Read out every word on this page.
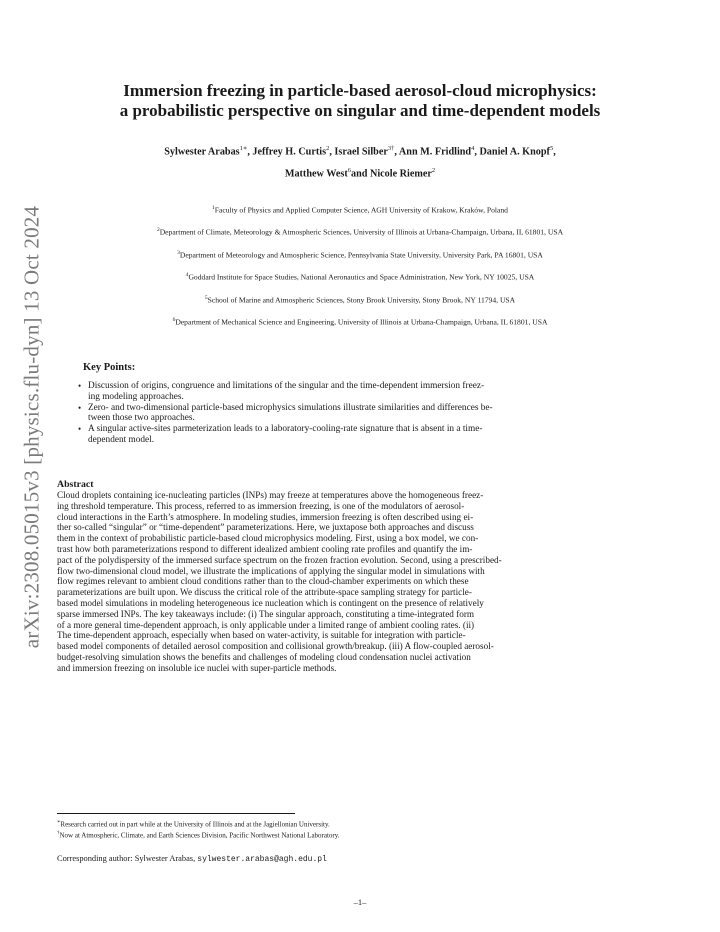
arXiv:2308.05015v3 [physics.flu-dyn] 13 Oct 2024
Immersion freezing in particle-based aerosol-cloud microphysics:
a probabilistic perspective on singular and time-dependent models
Sylwester Arabas$^{1∗}$, Jeffrey H. Curtis$^2$, Israel Silber$^{3\dagger}$, Ann M. Fridlind$^4$, Daniel A. Knopf$^5$,
Matthew West$^6$and Nicole Riemer$^2$
$^1$Faculty of Physics and Applied Computer Science, AGH University of Krakow, Kraków, Poland
$^2$Department of Climate, Meteorology & Atmospheric Sciences, University of Illinois at Urbana-Champaign, Urbana, IL 61801, USA
$^3$Department of Meteorology and Atmospheric Science, Pennsylvania State University, University Park, PA 16801, USA
$^4$Goddard Institute for Space Studies, National Aeronautics and Space Administration, New York, NY 10025, USA
$^5$School of Marine and Atmospheric Sciences, Stony Brook University, Stony Brook, NY 11794, USA
$^6$Department of Mechanical Science and Engineering, University of Illinois at Urbana-Champaign, Urbana, IL 61801, USA
Key Points:
• Discussion of origins, congruence and limitations of the singular and the time-dependent immersion freez-
ing modeling approaches.
• Zero- and two-dimensional particle-based microphysics simulations illustrate similarities and differences be-
tween those two approaches.
• A singular active-sites parmeterization leads to a laboratory-cooling-rate signature that is absent in a time-
dependent model.
Abstract
Cloud droplets containing ice-nucleating particles (INPs) may freeze at temperatures above the homogeneous freez-
ing threshold temperature. This process, referred to as immersion freezing, is one of the modulators of aerosol-
cloud interactions in the Earth’s atmosphere. In modeling studies, immersion freezing is often described using ei-
ther so-called “singular” or “time-dependent” parameterizations. Here, we juxtapose both approaches and discuss
them in the context of probabilistic particle-based cloud microphysics modeling. First, using a box model, we con-
trast how both parameterizations respond to different idealized ambient cooling rate profiles and quantify the im-
pact of the polydispersity of the immersed surface spectrum on the frozen fraction evolution. Second, using a prescribed-
flow two-dimensional cloud model, we illustrate the implications of applying the singular model in simulations with
flow regimes relevant to ambient cloud conditions rather than to the cloud-chamber experiments on which these
parameterizations are built upon. We discuss the critical role of the attribute-space sampling strategy for particle-
based model simulations in modeling heterogeneous ice nucleation which is contingent on the presence of relatively
sparse immersed INPs. The key takeaways include: (i) The singular approach, constituting a time-integrated form
of a more general time-dependent approach, is only applicable under a limited range of ambient cooling rates. (ii)
The time-dependent approach, especially when based on water-activity, is suitable for integration with particle-
based model components of detailed aerosol composition and collisional growth/breakup. (iii) A flow-coupled aerosol-
budget-resolving simulation shows the benefits and challenges of modeling cloud condensation nuclei activation
and immersion freezing on insoluble ice nuclei with super-particle methods.
∗Research carried out in part while at the University of Illinois and at the Jagiellonian University.
†Now at Atmospheric, Climate, and Earth Sciences Division, Pacific Northwest National Laboratory.
Corresponding author: Sylwester Arabas, sylwester.arabas@agh.edu.pl
–1–
